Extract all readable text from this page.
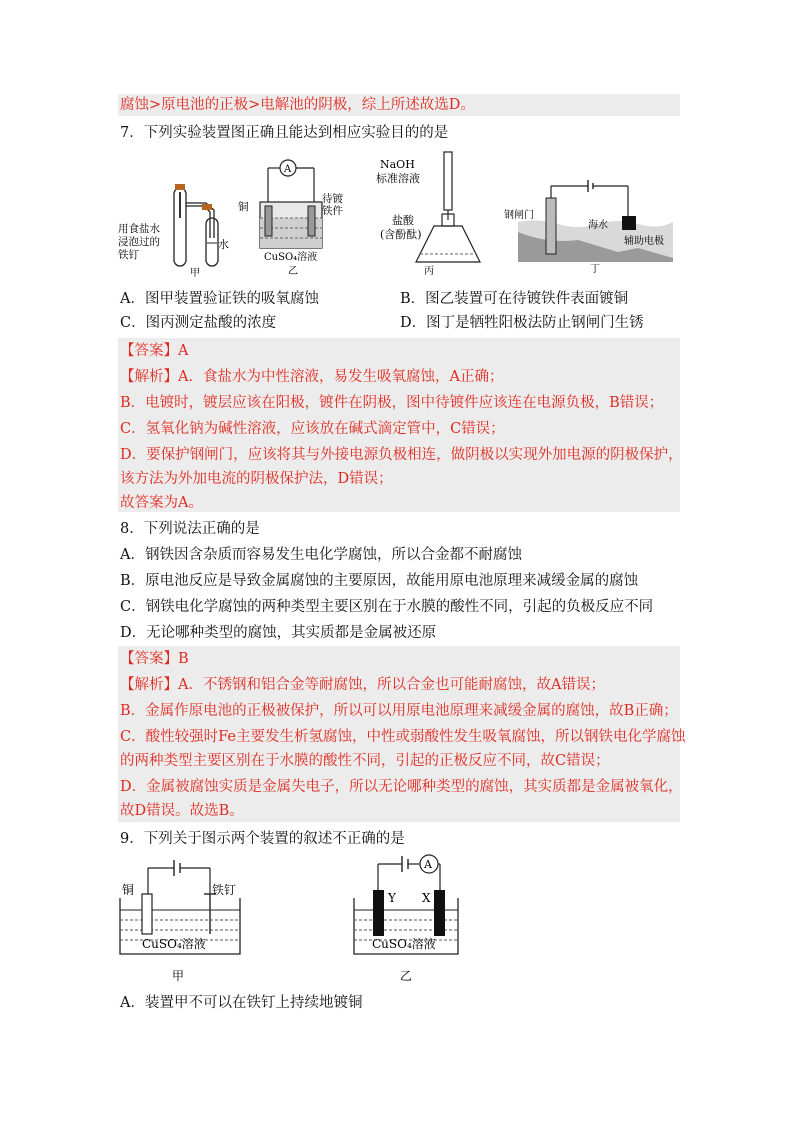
腐蚀>原电池的正极>电解池的阴极，综上所述故选D。
7．下列实验装置图正确且能达到相应实验目的的是
水
用食盐水
浸泡过的
铁钉
甲
A
铜
待镀
铁件
CuSO₄溶液
乙
NaOH
标准溶液
盐酸
(含酚酞)
丙
钢闸门
海水
辅助电极
丁
A．图甲装置验证铁的吸氧腐蚀	B．图乙装置可在待镀铁件表面镀铜
C．图丙测定盐酸的浓度	D．图丁是牺牲阳极法防止钢闸门生锈
【答案】A
【解析】A．食盐水为中性溶液，易发生吸氧腐蚀，A正确；
B．电镀时，镀层应该在阳极，镀件在阴极，图中待镀件应该连在电源负极，B错误；
C．氢氧化钠为碱性溶液，应该放在碱式滴定管中，C错误；
D．要保护钢闸门，应该将其与外接电源负极相连，做阴极以实现外加电源的阴极保护，
该方法为外加电流的阴极保护法，D错误；
故答案为A。
8．下列说法正确的是
A．钢铁因含杂质而容易发生电化学腐蚀，所以合金都不耐腐蚀
B．原电池反应是导致金属腐蚀的主要原因，故能用原电池原理来减缓金属的腐蚀
C．钢铁电化学腐蚀的两种类型主要区别在于水膜的酸性不同，引起的负极反应不同
D．无论哪种类型的腐蚀，其实质都是金属被还原
【答案】B
【解析】A．不锈钢和铝合金等耐腐蚀，所以合金也可能耐腐蚀，故A错误；
B．金属作原电池的正极被保护，所以可以用原电池原理来减缓金属的腐蚀，故B正确；
C．酸性较强时Fe主要发生析氢腐蚀，中性或弱酸性发生吸氧腐蚀，所以钢铁电化学腐蚀
的两种类型主要区别在于水膜的酸性不同，引起的正极反应不同，故C错误；
D．金属被腐蚀实质是金属失电子，所以无论哪种类型的腐蚀，其实质都是金属被氧化，
故D错误。故选B。
9．下列关于图示两个装置的叙述不正确的是
铜	铁钉
CuSO₄溶液
甲
A
Y X
CuSO₄溶液
乙
A．装置甲不可以在铁钉上持续地镀铜
